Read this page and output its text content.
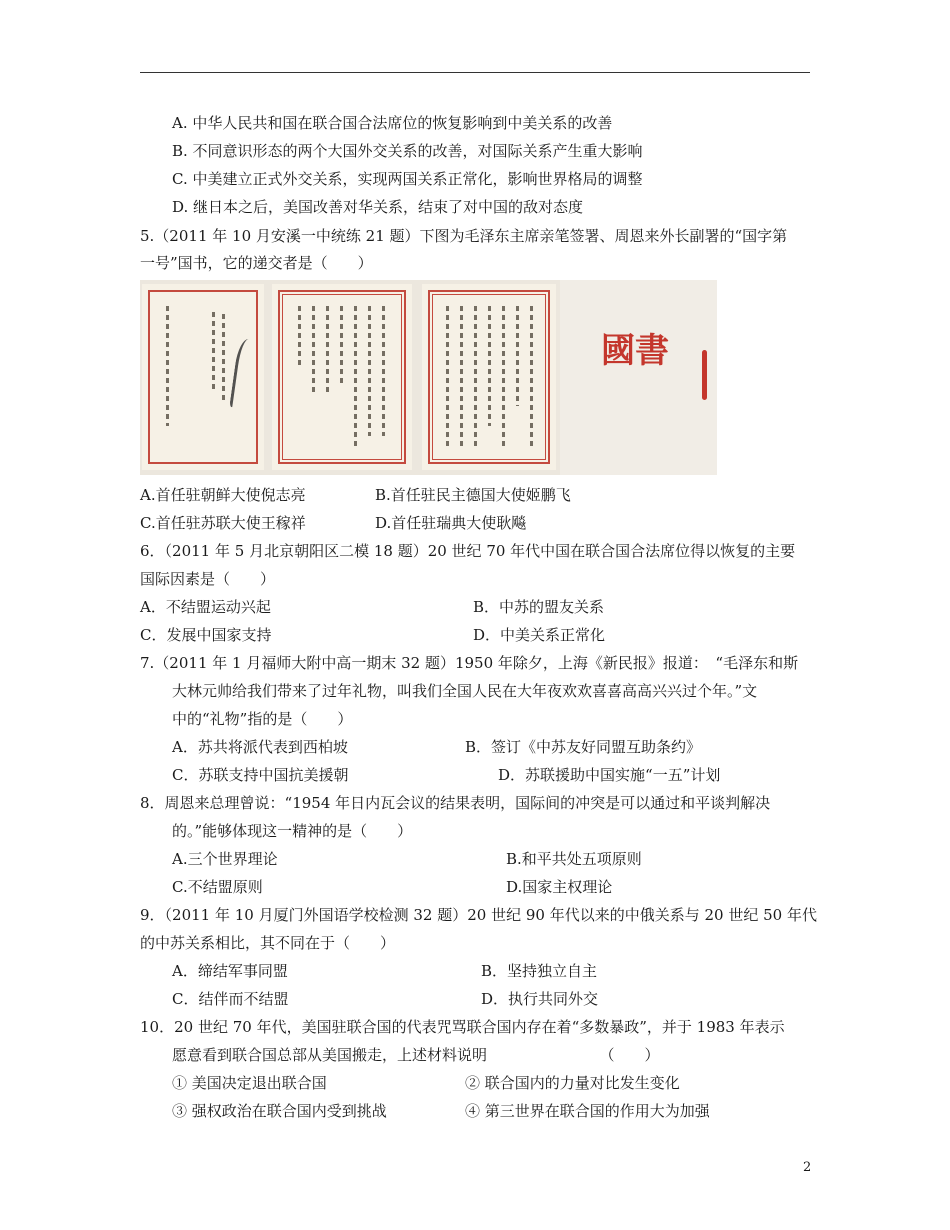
A. 中华人民共和国在联合国合法席位的恢复影响到中美关系的改善
B. 不同意识形态的两个大国外交关系的改善，对国际关系产生重大影响
C. 中美建立正式外交关系，实现两国关系正常化，影响世界格局的调整
D. 继日本之后，美国改善对华关系，结束了对中国的敌对态度
5.（2011 年 10 月安溪一中统练 21 题）下图为毛泽东主席亲笔签署、周恩来外长副署的“国字第
一号”国书，它的递交者是（　　）
國書
A.首任驻朝鲜大使倪志亮	B.首任驻民主德国大使姬鹏飞
C.首任驻苏联大使王稼祥	D.首任驻瑞典大使耿飚
6．（2011 年 5 月北京朝阳区二模 18 题）20 世纪 70 年代中国在联合国合法席位得以恢复的主要
国际因素是（　　）
A．不结盟运动兴起	B．中苏的盟友关系
C．发展中国家支持	D．中美关系正常化
7.（2011 年 1 月福师大附中高一期末 32 题）1950 年除夕，上海《新民报》报道：　“毛泽东和斯
大林元帅给我们带来了过年礼物，叫我们全国人民在大年夜欢欢喜喜高高兴兴过个年。”文
中的“礼物”指的是（　　）
A．苏共将派代表到西柏坡	B．签订《中苏友好同盟互助条约》
C．苏联支持中国抗美援朝	D．苏联援助中国实施“一五”计划
8．周恩来总理曾说：“1954 年日内瓦会议的结果表明，国际间的冲突是可以通过和平谈判解决
的。”能够体现这一精神的是（　　）
A.三个世界理论	B.和平共处五项原则
C.不结盟原则	D.国家主权理论
9．（2011 年 10 月厦门外国语学校检测 32 题）20 世纪 90 年代以来的中俄关系与 20 世纪 50 年代
的中苏关系相比，其不同在于（　　）
A．缔结军事同盟	B．坚持独立自主
C．结伴而不结盟	D．执行共同外交
10．20 世纪 70 年代，美国驻联合国的代表咒骂联合国内存在着“多数暴政”，并于 1983 年表示
愿意看到联合国总部从美国搬走，上述材料说明　　　　　　　　（　　）
① 美国决定退出联合国	② 联合国内的力量对比发生变化
③ 强权政治在联合国内受到挑战	④ 第三世界在联合国的作用大为加强
2
